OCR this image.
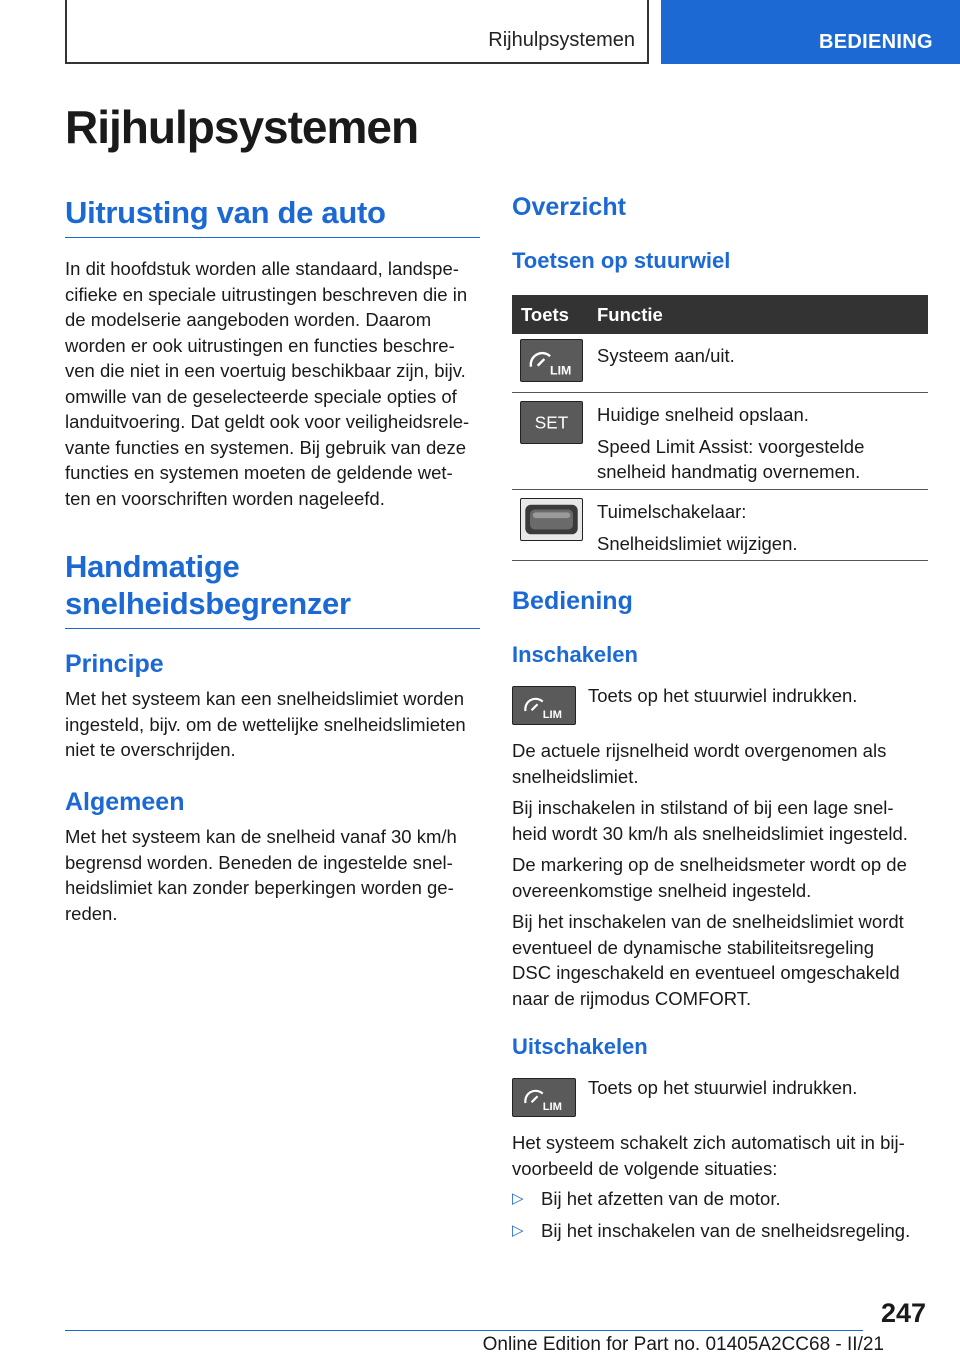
Rijhulpsystemen	BEDIENING
Rijhulpsystemen
Uitrusting van de auto
In dit hoofdstuk worden alle standaard, landspe-
cifieke en speciale uitrustingen beschreven die in
de modelserie aangeboden worden. Daarom
worden er ook uitrustingen en functies beschre-
ven die niet in een voertuig beschikbaar zijn, bijv.
omwille van de geselecteerde speciale opties of
landuitvoering. Dat geldt ook voor veiligheidsrele-
vante functies en systemen. Bij gebruik van deze
functies en systemen moeten de geldende wet-
ten en voorschriften worden nageleefd.
Handmatige
snelheidsbegrenzer
Principe
Met het systeem kan een snelheidslimiet worden
ingesteld, bijv. om de wettelijke snelheidslimieten
niet te overschrijden.
Algemeen
Met het systeem kan de snelheid vanaf 30 km/h
begrensd worden. Beneden de ingestelde snel-
heidslimiet kan zonder beperkingen worden ge-
reden.
Overzicht
Toetsen op stuurwiel
Toets Functie
LIM
Systeem aan/uit.
SET Huidige snelheid opslaan.
Speed Limit Assist: voorgestelde
snelheid handmatig overnemen.
Tuimelschakelaar:
Snelheidslimiet wijzigen.
Bediening
Inschakelen
LIM
Toets op het stuurwiel indrukken.
De actuele rijsnelheid wordt overgenomen als
snelheidslimiet.
Bij inschakelen in stilstand of bij een lage snel-
heid wordt 30 km/h als snelheidslimiet ingesteld.
De markering op de snelheidsmeter wordt op de
overeenkomstige snelheid ingesteld.
Bij het inschakelen van de snelheidslimiet wordt
eventueel de dynamische stabiliteitsregeling
DSC ingeschakeld en eventueel omgeschakeld
naar de rijmodus COMFORT.
Uitschakelen
LIM
Toets op het stuurwiel indrukken.
Het systeem schakelt zich automatisch uit in bij-
voorbeeld de volgende situaties:
▷ Bij het afzetten van de motor.
▷ Bij het inschakelen van de snelheidsregeling.
247
Online Edition for Part no. 01405A2CC68 - II/21
